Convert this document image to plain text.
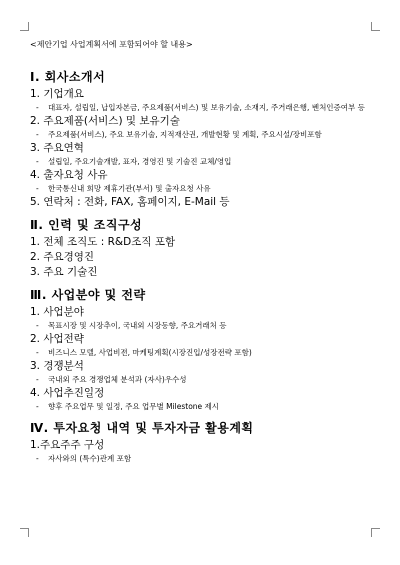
<제안기업 사업계획서에 포함되어야 할 내용>
Ⅰ. 회사소개서
1. 기업개요
- 대표자, 설립일, 납입자본금, 주요제품(서비스) 및 보유기술, 소재지, 주거래은행, 벤처인증여부 등
2. 주요제품(서비스) 및 보유기술
- 주요제품(서비스), 주요 보유기술, 지적재산권, 개발현황 및 계획, 주요시설/장비포함
3. 주요연혁
- 설립일, 주요기술개발, 표자, 경영진 및 기술진 교체/영입
4. 출자요청 사유
- 한국통신내 희망 제휴기관(부서) 및 출자요청 사유
5. 연락처 : 전화, FAX, 홈페이지, E-Mail 등
Ⅱ. 인력 및 조직구성
1. 전체 조직도 : R&D조직 포함
2. 주요경영진
3. 주요 기술진
Ⅲ. 사업분야 및 전략
1. 사업분야
- 목표시장 및 시장추이, 국내외 시장동향, 주요거래처 등
2. 사업전략
- 비즈니스 모델, 사업비젼, 마케팅계획(시장진입/성장전략 포함)
3. 경쟁분석
- 국내외 주요 경쟁업체 분석과 (자사)우수성
4. 사업추진일정
- 향후 주요업무 및 일정, 주요 업무별 Milestone 제시
Ⅳ. 투자요청 내역 및 투자자금 활용계획
1.주요주주 구성
- 자사와의 (특수)관계 포함
